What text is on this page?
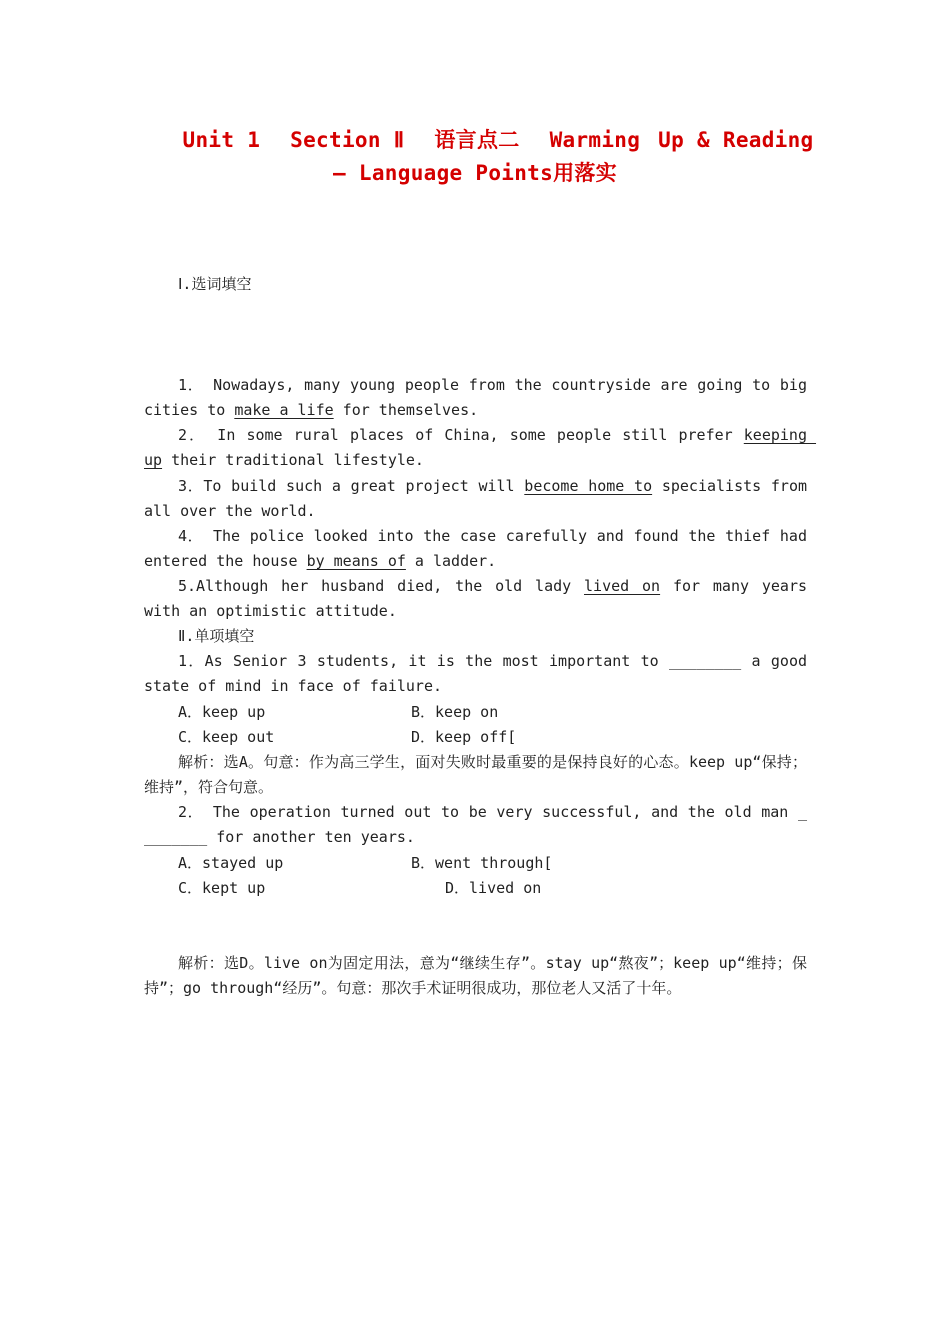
Unit 1 Section Ⅱ 语言点二 Warming Up & Reading
— Language Points用落实
Ⅰ.选词填空
1． Nowadays, many young people from the countryside are going to big cities to make a life for themselves.
2． In some rural places of China, some people still prefer keeping up their traditional lifestyle.
3．To build such a great project will become home to specialists from all over the world.
4． The police looked into the case carefully and found the thief had entered the house by means of a ladder.
5.Although her husband died, the old lady lived on for many years with an optimistic attitude.
Ⅱ.单项填空
1．As Senior 3 students, it is the most important to ________ a good state of mind in face of failure.
A．keep up	B．keep on
C．keep out	D．keep off[
解析：选A。句意：作为高三学生，面对失败时最重要的是保持良好的心态。keep up“保持；维持”，符合句意。
2． The operation turned out to be very successful, and the old man _ _______ for another ten years.
A．stayed up	B．went through[
C．kept up	D．lived on
解析：选D。live on为固定用法，意为“继续生存”。stay up“熬夜”；keep up“维持；保持”；go through“经历”。句意：那次手术证明很成功，那位老人又活了十年。
